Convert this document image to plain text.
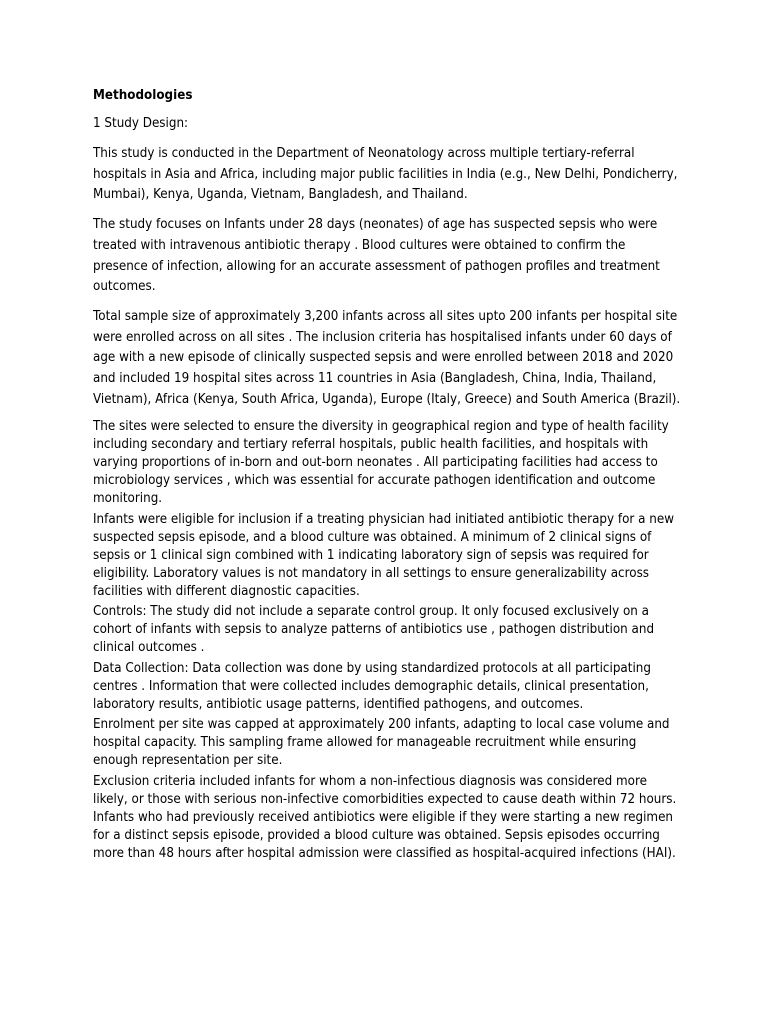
Methodologies
1 Study Design:

This study is conducted in the Department of Neonatology across multiple tertiary-referral hospitals in Asia and Africa, including major public facilities in India (e.g., New Delhi, Pondicherry, Mumbai), Kenya, Uganda, Vietnam, Bangladesh, and Thailand.

The study focuses on Infants under 28 days (neonates) of age has suspected sepsis who were treated with intravenous antibiotic therapy . Blood cultures were obtained to confirm the presence of infection, allowing for an accurate assessment of pathogen profiles and treatment outcomes.

Total sample size of approximately 3,200 infants across all sites upto 200 infants per hospital site were enrolled across on all sites . The inclusion criteria has hospitalised infants under 60 days of age with a new episode of clinically suspected sepsis and were enrolled between 2018 and 2020 and included 19 hospital sites across 11 countries in Asia (Bangladesh, China, India, Thailand, Vietnam), Africa (Kenya, South Africa, Uganda), Europe (Italy, Greece) and South America (Brazil).

The sites were selected to ensure the diversity in geographical region and type of health facility including secondary and tertiary referral hospitals, public health facilities, and hospitals with varying proportions of in-born and out-born neonates . All participating facilities had access to microbiology services , which was essential for accurate pathogen identification and outcome monitoring.

Infants were eligible for inclusion if a treating physician had initiated antibiotic therapy for a new suspected sepsis episode, and a blood culture was obtained. A minimum of 2 clinical signs of sepsis or 1 clinical sign combined with 1 indicating laboratory sign of sepsis was required for eligibility. Laboratory values is not mandatory in all settings to ensure generalizability across facilities with different diagnostic capacities.

Controls: The study did not include a separate control group. It only focused exclusively on a cohort of infants with sepsis to analyze patterns of antibiotics use , pathogen distribution and clinical outcomes .

Data Collection: Data collection was done by using standardized protocols at all participating centres . Information that were collected includes demographic details, clinical presentation, laboratory results, antibiotic usage patterns, identified pathogens, and outcomes.

Enrolment per site was capped at approximately 200 infants, adapting to local case volume and hospital capacity. This sampling frame allowed for manageable recruitment while ensuring enough representation per site.

Exclusion criteria included infants for whom a non-infectious diagnosis was considered more likely, or those with serious non-infective comorbidities expected to cause death within 72 hours. Infants who had previously received antibiotics were eligible if they were starting a new regimen for a distinct sepsis episode, provided a blood culture was obtained. Sepsis episodes occurring more than 48 hours after hospital admission were classified as hospital-acquired infections (HAI).
